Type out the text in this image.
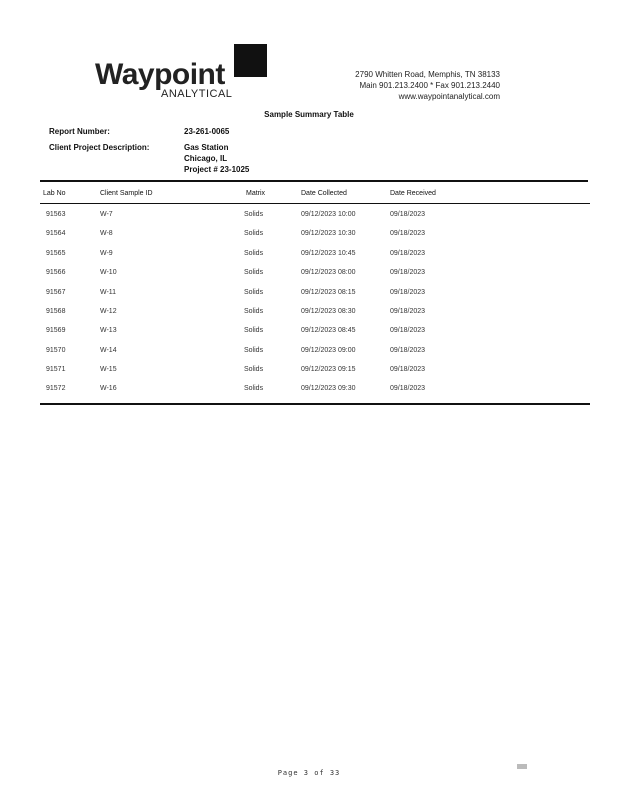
Waypoint
ANALYTICAL
2790 Whitten Road, Memphis, TN 38133
Main 901.213.2400 * Fax 901.213.2440
www.waypointanalytical.com
Sample Summary Table
Report Number:	23-261-0065
Client Project Description:	Gas Station
Chicago, IL
Project # 23-1025
Lab No	Client Sample ID	Matrix	Date Collected	Date Received
91563	W-7	Solids	09/12/2023 10:00	09/18/2023
91564	W-8	Solids	09/12/2023 10:30	09/18/2023
91565	W-9	Solids	09/12/2023 10:45	09/18/2023
91566	W-10	Solids	09/12/2023 08:00	09/18/2023
91567	W-11	Solids	09/12/2023 08:15	09/18/2023
91568	W-12	Solids	09/12/2023 08:30	09/18/2023
91569	W-13	Solids	09/12/2023 08:45	09/18/2023
91570	W-14	Solids	09/12/2023 09:00	09/18/2023
91571	W-15	Solids	09/12/2023 09:15	09/18/2023
91572	W-16	Solids	09/12/2023 09:30	09/18/2023
Page 3 of 33
